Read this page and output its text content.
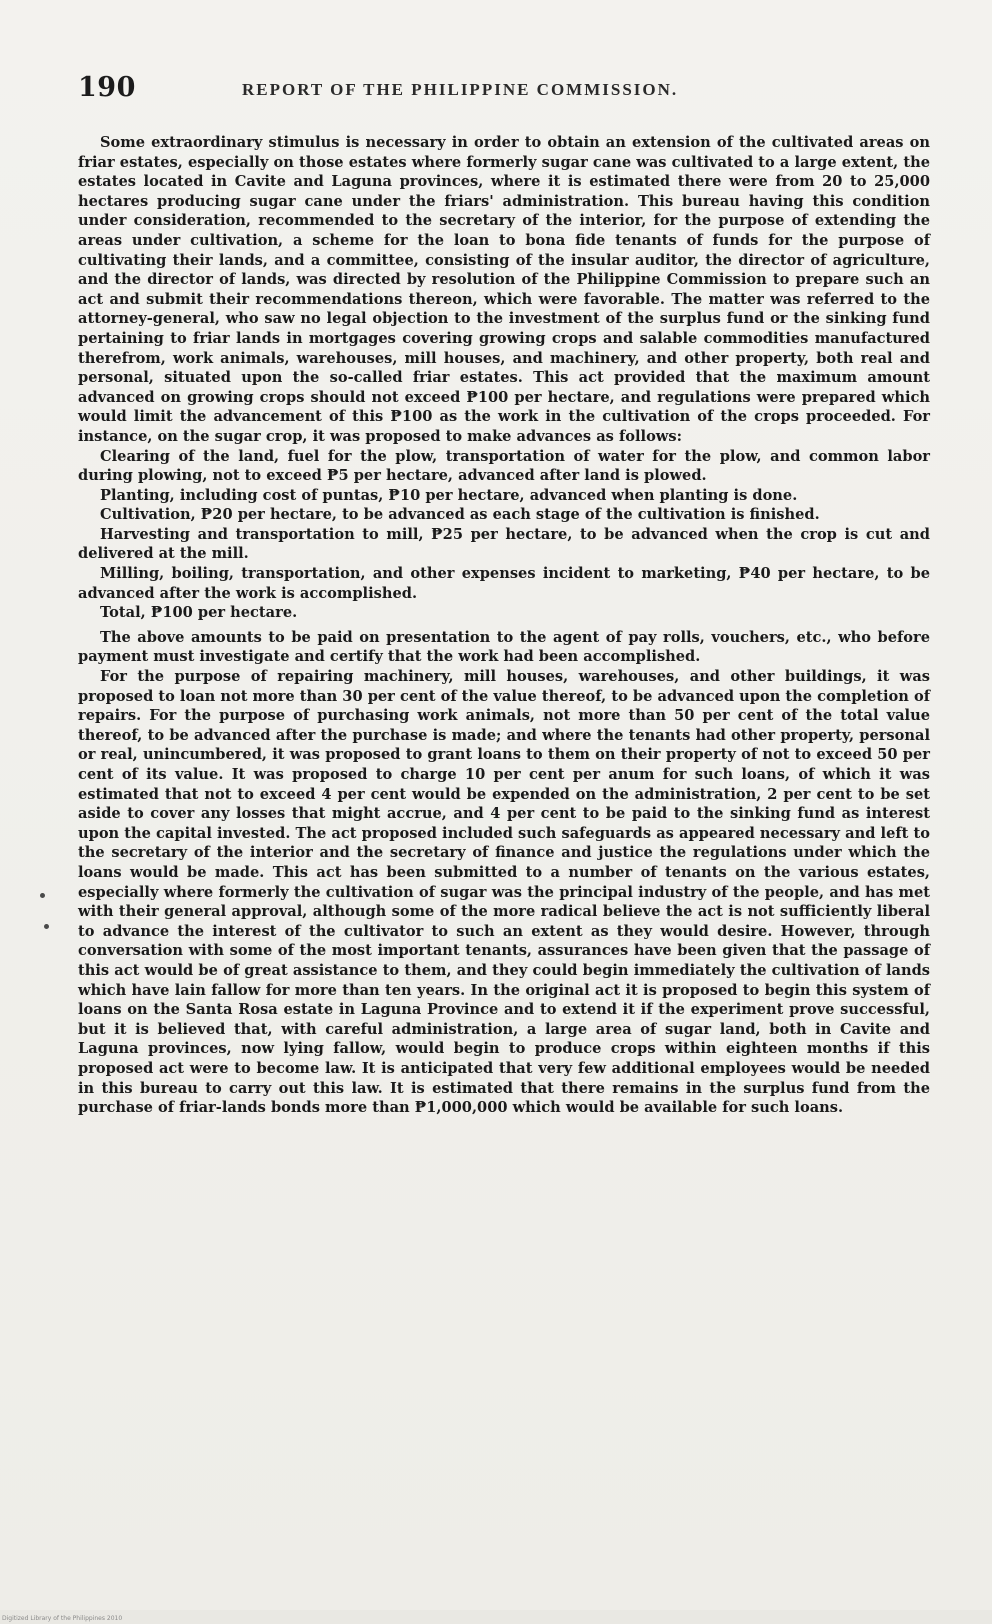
190	REPORT OF THE PHILIPPINE COMMISSION.

Some extraordinary stimulus is necessary in order to obtain an extension of the cultivated areas on friar estates, especially on those estates where formerly sugar cane was cultivated to a large extent, the estates located in Cavite and Laguna provinces, where it is estimated there were from 20 to 25,000 hectares producing sugar cane under the friars' administration. This bureau having this condition under consideration, recommended to the secretary of the interior, for the purpose of extending the areas under cultivation, a scheme for the loan to bona fide tenants of funds for the purpose of cultivating their lands, and a committee, consisting of the insular auditor, the director of agriculture, and the director of lands, was directed by resolution of the Philippine Commission to prepare such an act and submit their recommendations thereon, which were favorable. The matter was referred to the attorney-general, who saw no legal objection to the investment of the surplus fund or the sinking fund pertaining to friar lands in mortgages covering growing crops and salable commodities manufactured therefrom, work animals, warehouses, mill houses, and machinery, and other property, both real and personal, situated upon the so-called friar estates. This act provided that the maximum amount advanced on growing crops should not exceed ₱100 per hectare, and regulations were prepared which would limit the advancement of this ₱100 as the work in the cultivation of the crops proceeded. For instance, on the sugar crop, it was proposed to make advances as follows:

Clearing of the land, fuel for the plow, transportation of water for the plow, and common labor during plowing, not to exceed ₱5 per hectare, advanced after land is plowed.

Planting, including cost of puntas, ₱10 per hectare, advanced when planting is done.

Cultivation, ₱20 per hectare, to be advanced as each stage of the cultivation is finished.

Harvesting and transportation to mill, ₱25 per hectare, to be advanced when the crop is cut and delivered at the mill.

Milling, boiling, transportation, and other expenses incident to marketing, ₱40 per hectare, to be advanced after the work is accomplished.

Total, ₱100 per hectare.

The above amounts to be paid on presentation to the agent of pay rolls, vouchers, etc., who before payment must investigate and certify that the work had been accomplished.

For the purpose of repairing machinery, mill houses, warehouses, and other buildings, it was proposed to loan not more than 30 per cent of the value thereof, to be advanced upon the completion of repairs. For the purpose of purchasing work animals, not more than 50 per cent of the total value thereof, to be advanced after the purchase is made; and where the tenants had other property, personal or real, unincumbered, it was proposed to grant loans to them on their property of not to exceed 50 per cent of its value. It was proposed to charge 10 per cent per anum for such loans, of which it was estimated that not to exceed 4 per cent would be expended on the administration, 2 per cent to be set aside to cover any losses that might accrue, and 4 per cent to be paid to the sinking fund as interest upon the capital invested. The act proposed included such safeguards as appeared necessary and left to the secretary of the interior and the secretary of finance and justice the regulations under which the loans would be made. This act has been submitted to a number of tenants on the various estates, especially where formerly the cultivation of sugar was the principal industry of the people, and has met with their general approval, although some of the more radical believe the act is not sufficiently liberal to advance the interest of the cultivator to such an extent as they would desire. However, through conversation with some of the most important tenants, assurances have been given that the passage of this act would be of great assistance to them, and they could begin immediately the cultivation of lands which have lain fallow for more than ten years. In the original act it is proposed to begin this system of loans on the Santa Rosa estate in Laguna Province and to extend it if the experiment prove successful, but it is believed that, with careful administration, a large area of sugar land, both in Cavite and Laguna provinces, now lying fallow, would begin to produce crops within eighteen months if this proposed act were to become law. It is anticipated that very few additional employees would be needed in this bureau to carry out this law. It is estimated that there remains in the surplus fund from the purchase of friar-lands bonds more than ₱1,000,000 which would be available for such loans.

Digitized Library of the Philippines 2010
